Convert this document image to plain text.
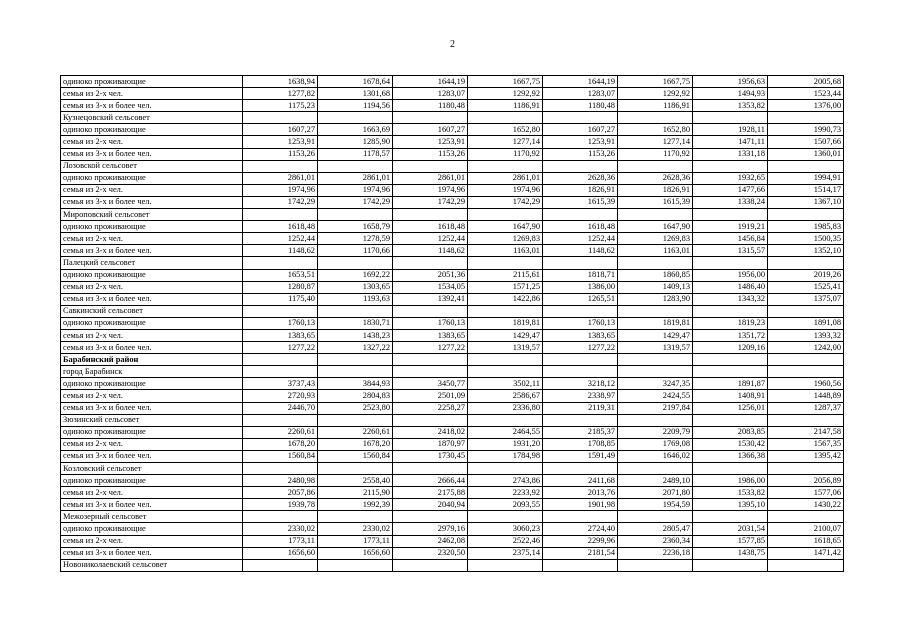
2
одиноко проживающие	1638,94	1678,64	1644,19	1667,75	1644,19	1667,75	1956,63	2005,68
семья из 2-х чел.	1277,82	1301,68	1283,07	1292,92	1283,07	1292,92	1494,93	1523,44
семья из 3-х и более чел.	1175,23	1194,56	1180,48	1186,91	1180,48	1186,91	1353,82	1376,00
Кузнецовский сельсовет								
одиноко проживающие	1607,27	1663,69	1607,27	1652,80	1607,27	1652,80	1928,11	1990,73
семья из 2-х чел.	1253,91	1285,90	1253,91	1277,14	1253,91	1277,14	1471,11	1507,66
семья из 3-х и более чел.	1153,26	1178,57	1153,26	1170,92	1153,26	1170,92	1331,18	1360,01
Лозовской сельсовет								
одиноко проживающие	2861,01	2861,01	2861,01	2861,01	2628,36	2628,36	1932,65	1994,91
семья из 2-х чел.	1974,96	1974,96	1974,96	1974,96	1826,91	1826,91	1477,66	1514,17
семья из 3-х и более чел.	1742,29	1742,29	1742,29	1742,29	1615,39	1615,39	1338,24	1367,10
Мироповский сельсовет								
одиноко проживающие	1618,48	1658,79	1618,48	1647,90	1618,48	1647,90	1919,21	1985,83
семья из 2-х чел.	1252,44	1278,59	1252,44	1269,83	1252,44	1269,83	1456,84	1500,35
семья из 3-х и более чел.	1148,62	1170,66	1148,62	1163,01	1148,62	1163,01	1315,57	1352,10
Палецкий сельсовет								
одиноко проживающие	1653,51	1692,22	2051,36	2115,61	1818,71	1860,85	1956,00	2019,26
семья из 2-х чел.	1280,87	1303,65	1534,05	1571,25	1386,00	1409,13	1486,40	1525,41
семья из 3-х и более чел.	1175,40	1193,63	1392,41	1422,86	1265,51	1283,90	1343,32	1375,07
Савкинский сельсовет								
одиноко проживающие	1760,13	1830,71	1760,13	1819,81	1760,13	1819,81	1819,23	1891,08
семья из 2-х чел.	1383,65	1438,23	1383,65	1429,47	1383,65	1429,47	1351,72	1393,32
семья из 3-х и более чел.	1277,22	1327,22	1277,22	1319,57	1277,22	1319,57	1209,16	1242,00
Барабинский район								
город Барабинск								
одиноко проживающие	3737,43	3844,93	3450,77	3502,11	3218,12	3247,35	1891,87	1960,56
семья из 2-х чел.	2720,93	2804,83	2501,09	2586,67	2338,97	2424,55	1408,91	1448,89
семья из 3-х и более чел.	2446,70	2523,80	2258,27	2336,80	2119,31	2197,84	1256,01	1287,37
Зюзинский сельсовет								
одиноко проживающие	2260,61	2260,61	2418,02	2464,55	2185,37	2209,79	2083,85	2147,58
семья из 2-х чел.	1678,20	1678,20	1870,97	1931,20	1708,85	1769,08	1530,42	1567,35
семья из 3-х и более чел.	1560,84	1560,84	1730,45	1784,98	1591,49	1646,02	1366,38	1395,42
Козловский сельсовет								
одиноко проживающие	2480,98	2558,40	2666,44	2743,86	2411,68	2489,10	1986,00	2056,89
семья из 2-х чел.	2057,86	2115,90	2175,88	2233,92	2013,76	2071,80	1533,82	1577,06
семья из 3-х и более чел.	1939,78	1992,39	2040,94	2093,55	1901,98	1954,59	1395,10	1430,22
Межозерный сельсовет								
одиноко проживающие	2330,02	2330,02	2979,16	3060,23	2724,40	2805,47	2031,54	2100,07
семья из 2-х чел.	1773,11	1773,11	2462,08	2522,46	2299,96	2360,34	1577,85	1618,65
семья из 3-х и более чел.	1656,60	1656,60	2320,50	2375,14	2181,54	2236,18	1438,75	1471,42
Новониколаевский сельсовет								
